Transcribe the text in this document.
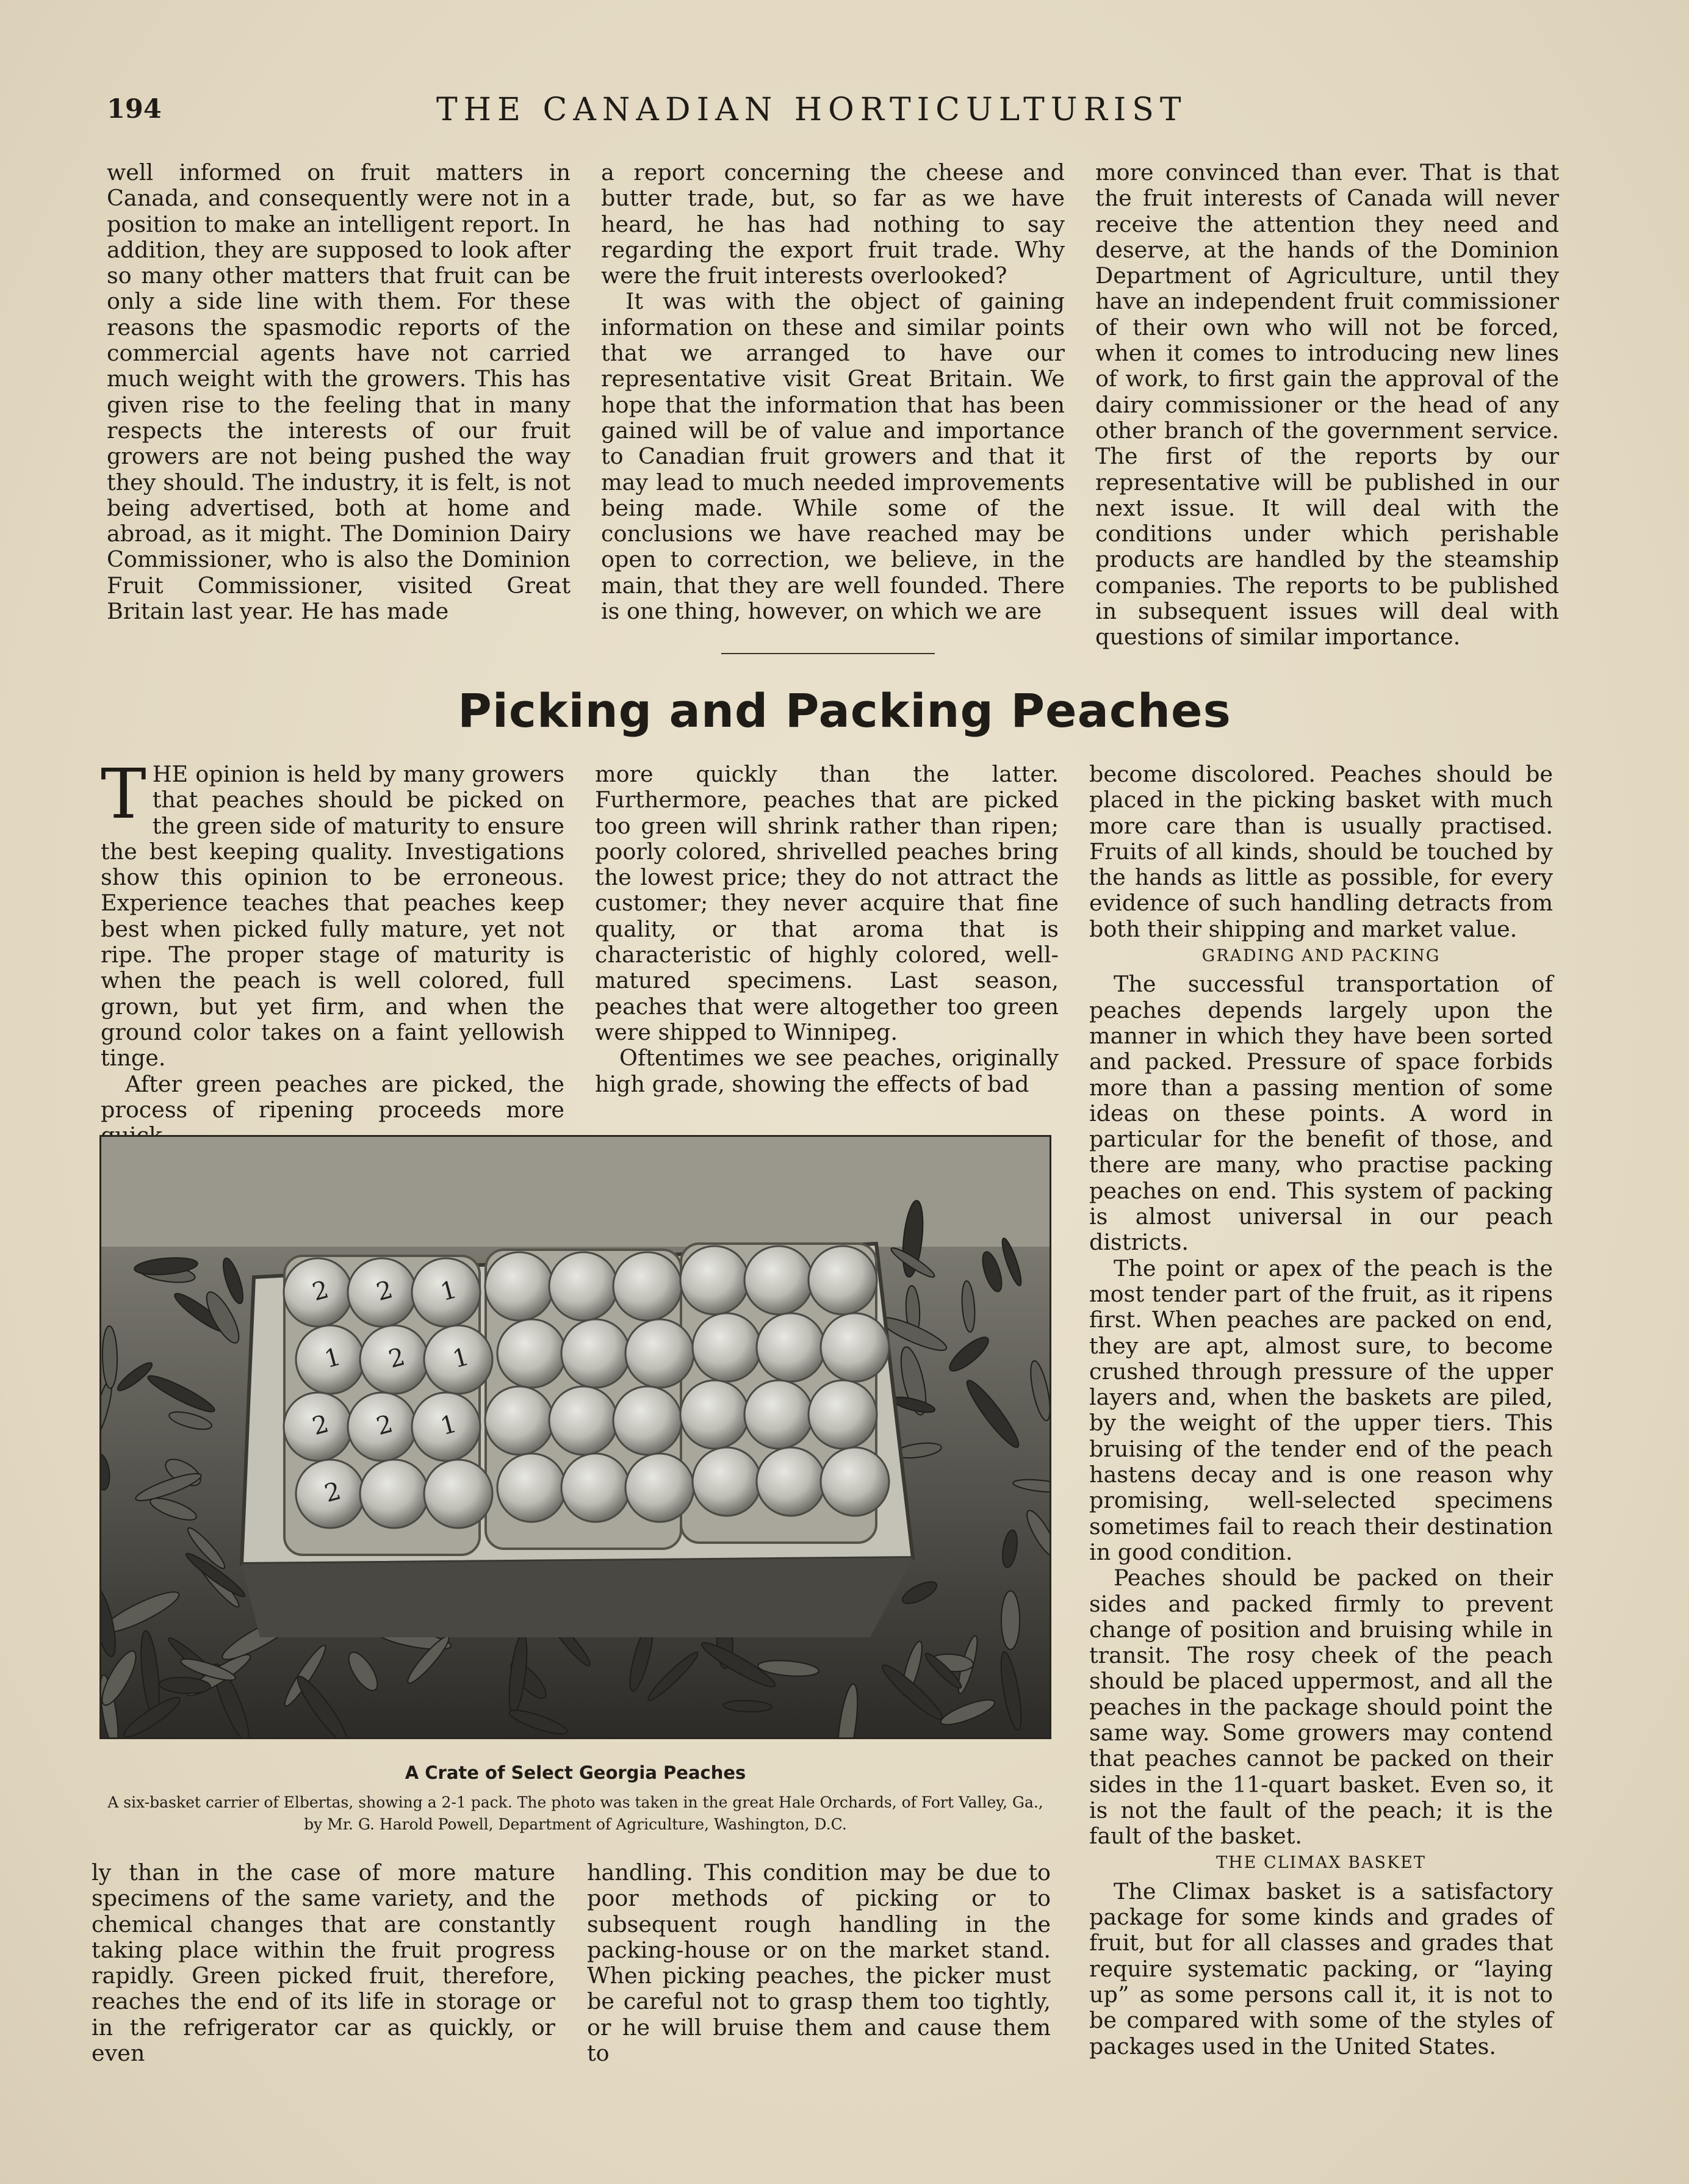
194	THE CANADIAN HORTICULTURIST

well informed on fruit matters in Canada, and consequently were not in a position to make an intelligent report. In addition, they are supposed to look after so many other matters that fruit can be only a side line with them. For these reasons the spasmodic reports of the commercial agents have not carried much weight with the growers. This has given rise to the feeling that in many respects the interests of our fruit growers are not being pushed the way they should. The industry, it is felt, is not being advertised, both at home and abroad, as it might. The Dominion Dairy Commissioner, who is also the Dominion Fruit Commissioner, visited Great Britain last year. He has made

a report concerning the cheese and butter trade, but, so far as we have heard, he has had nothing to say regarding the export fruit trade. Why were the fruit interests overlooked?

It was with the object of gaining information on these and similar points that we arranged to have our representative visit Great Britain. We hope that the information that has been gained will be of value and importance to Canadian fruit growers and that it may lead to much needed improvements being made. While some of the conclusions we have reached may be open to correction, we believe, in the main, that they are well founded. There is one thing, however, on which we are

more convinced than ever. That is that the fruit interests of Canada will never receive the attention they need and deserve, at the hands of the Dominion Department of Agriculture, until they have an independent fruit commissioner of their own who will not be forced, when it comes to introducing new lines of work, to first gain the approval of the dairy commissioner or the head of any other branch of the government service. The first of the reports by our representative will be published in our next issue. It will deal with the conditions under which perishable products are handled by the steamship companies. The reports to be published in subsequent issues will deal with questions of similar importance.

Picking and Packing Peaches

THE opinion is held by many growers that peaches should be picked on the green side of maturity to ensure the best keeping quality. Investigations show this opinion to be erroneous. Experience teaches that peaches keep best when picked fully mature, yet not ripe. The proper stage of maturity is when the peach is well colored, full grown, but yet firm, and when the ground color takes on a faint yellowish tinge.

After green peaches are picked, the process of ripening proceeds more

more quickly than the latter. Furthermore, peaches that are picked too green will shrink rather than ripen; poorly colored, shrivelled peaches bring the lowest price; they do not attract the customer; they never acquire that fine quality, or that aroma that is characteristic of highly colored, well-matured specimens. Last season, peaches that were altogether too green were shipped to Winnipeg.

Oftentimes we see peaches, originally high grade, showing the effects of bad

become discolored. Peaches should be placed in the picking basket with much more care than is usually practised. Fruits of all kinds, should be touched by the hands as little as possible, for every evidence of such handling detracts from both their shipping and market value.

GRADING AND PACKING

The successful transportation of peaches depends largely upon the manner in which they have been sorted and packed. Pressure of space forbids more than a passing mention of some ideas on these points. A word in particular for the benefit of those, and there are many, who practise packing peaches on end. This system of packing is almost universal in our peach districts.

The point or apex of the peach is the most tender part of the fruit, as it ripens first. When peaches are packed on end, they are apt, almost sure, to become crushed through pressure of the upper layers and, when the baskets are piled, by the weight of the upper tiers. This bruising of the tender end of the peach hastens decay and is one reason why promising, well-selected specimens sometimes fail to reach their destination in good condition.

Peaches should be packed on their sides and packed firmly to prevent change of position and bruising while in transit. The rosy cheek of the peach should be placed uppermost, and all the peaches in the package should point the same way. Some growers may contend that peaches cannot be packed on their sides in the 11-quart basket. Even so, it is not the fault of the peach; it is the fault of the basket.

THE CLIMAX BASKET

The Climax basket is a satisfactory package for some kinds and grades of fruit, but for all classes and grades that require systematic packing, or “laying up” as some persons call it, it is not to be compared with some of the styles of packages used in the United States.

2 2 1
1 2 1
2 2 1
2
A Crate of Select Georgia Peaches
A six-basket carrier of Elbertas, showing a 2-1 pack. The photo was taken in the great Hale Orchards, of Fort Valley, Ga., by Mr. G. Harold Powell, Department of Agriculture, Washington, D.C.

ly than in the case of more mature specimens of the same variety, and the chemical changes that are constantly taking place within the fruit progress rapidly. Green picked fruit, therefore, reaches the end of its life in storage or in the refrigerator car as quickly, or even

handling. This condition may be due to poor methods of picking or to subsequent rough handling in the packing-house or on the market stand. When picking peaches, the picker must be careful not to grasp them too tightly, or he will bruise them and cause them to
